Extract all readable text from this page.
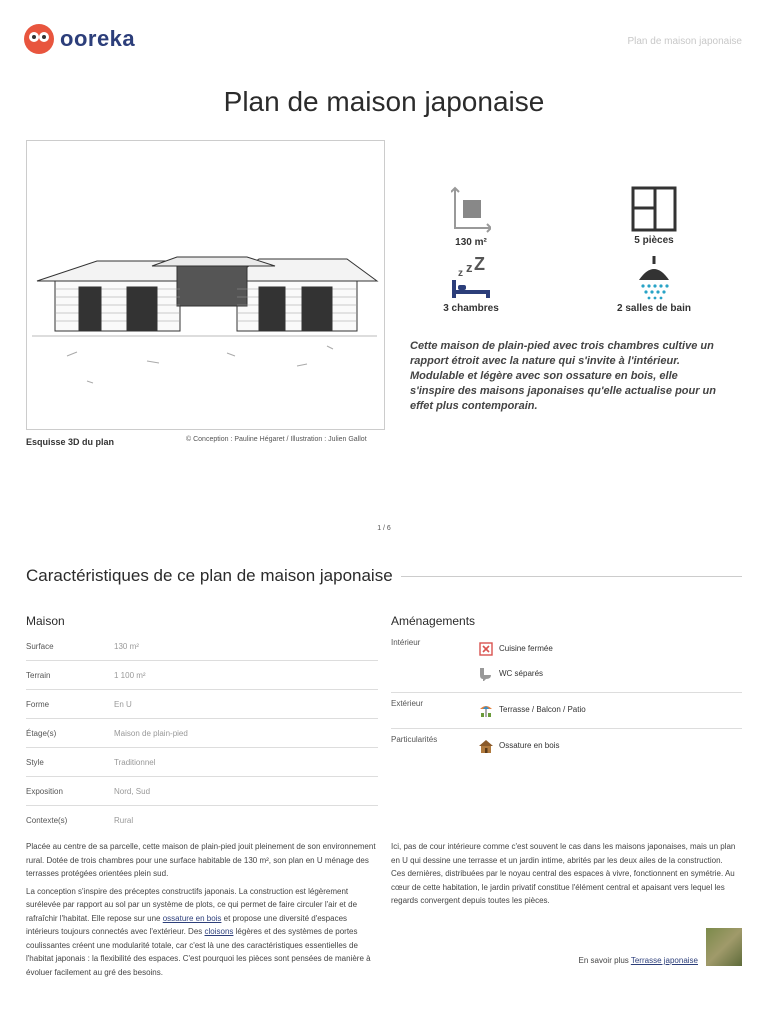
ooreka	Plan de maison japonaise
Plan de maison japonaise
Esquisse 3D du plan	© Conception : Pauline Hégaret / Illustration : Julien Gallot
130 m²	5 pièces
z z Z
3 chambres	2 salles de bain
Cette maison de plain-pied avec trois chambres cultive un rapport étroit avec la nature qui s'invite à l'intérieur. Modulable et légère avec son ossature en bois, elle s'inspire des maisons japonaises qu'elle actualise pour un effet plus contemporain.
1 / 6
Caractéristiques de ce plan de maison japonaise
Maison
Surface	130 m²
Terrain	1 100 m²
Forme	En U
Étage(s)	Maison de plain-pied
Style	Traditionnel
Exposition	Nord, Sud
Contexte(s)	Rural
Aménagements
Intérieur
Cuisine fermée
WC séparés
Extérieur
Terrasse / Balcon / Patio
Particularités
Ossature en bois

Placée au centre de sa parcelle, cette maison de plain-pied jouit pleinement de son environnement rural. Dotée de trois chambres pour une surface habitable de 130 m², son plan en U ménage des terrasses protégées orientées plein sud.

La conception s'inspire des préceptes constructifs japonais. La construction est légèrement surélevée par rapport au sol par un système de plots, ce qui permet de faire circuler l'air et de rafraîchir l'habitat. Elle repose sur une ossature en bois et propose une diversité d'espaces intérieurs toujours connectés avec l'extérieur. Des cloisons légères et des systèmes de portes coulissantes créent une modularité totale, car c'est là une des caractéristiques essentielles de l'habitat japonais : la flexibilité des espaces. C'est pourquoi les pièces sont pensées de manière à évoluer facilement au gré des besoins.

Ici, pas de cour intérieure comme c'est souvent le cas dans les maisons japonaises, mais un plan en U qui dessine une terrasse et un jardin intime, abrités par les deux ailes de la construction. Ces dernières, distribuées par le noyau central des espaces à vivre, fonctionnent en symétrie. Au cœur de cette habitation, le jardin privatif constitue l'élément central et apaisant vers lequel les regards convergent depuis toutes les pièces.

En savoir plus Terrasse japonaise
